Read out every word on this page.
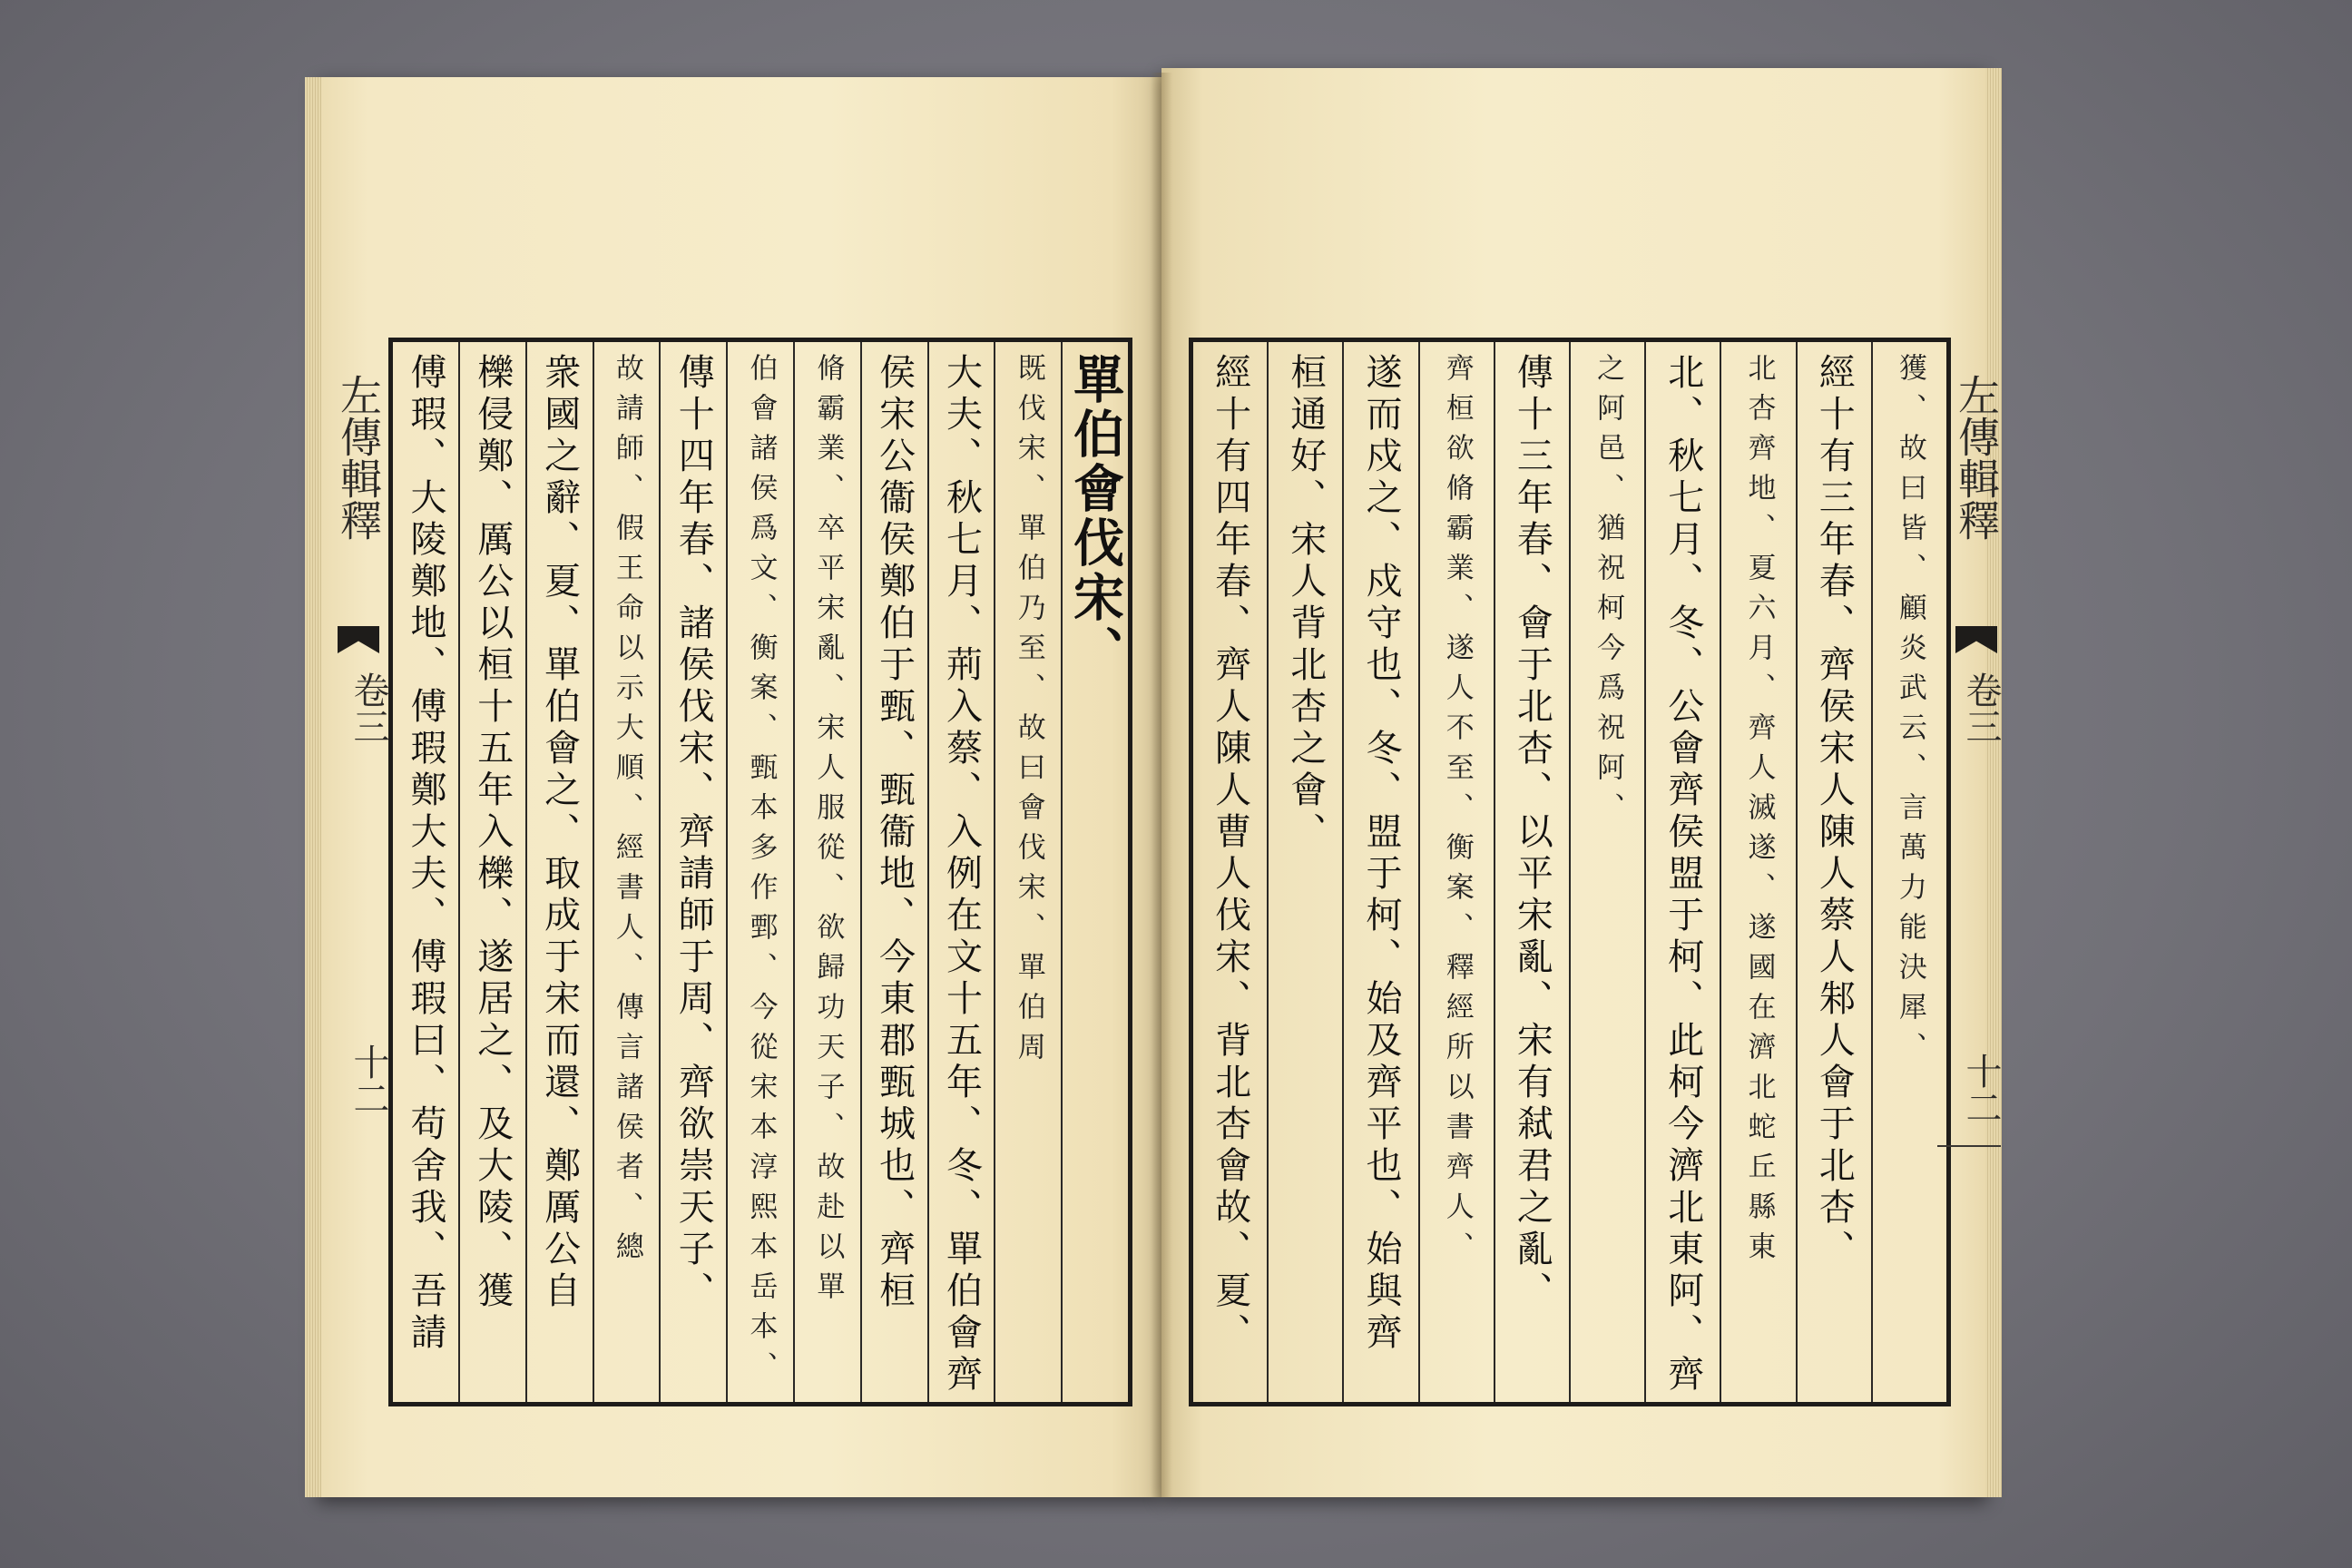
左傳輯釋
卷三
十二
單伯會伐宋、
既伐宋、單伯乃至、故曰會伐宋、單伯周
大夫、秋七月、荊入蔡、入例在文十五年、冬、單伯會齊
侯宋公衞侯鄭伯于甄、甄衞地、今東郡甄城也、齊桓
脩霸業、卒平宋亂、宋人服從、欲歸功天子、故赴以單
伯會諸侯爲文、衡案、甄本多作鄄、今從宋本淳熙本岳本、
傳十四年春、諸侯伐宋、齊請師于周、齊欲崇天子、
故請師、假王命以示大順、經書人、傳言諸侯者、總
衆國之辭、夏、單伯會之、取成于宋而還、鄭厲公自
櫟侵鄭、厲公以桓十五年入櫟、遂居之、及大陵、獲
傅瑕、大陵鄭地、傅瑕鄭大夫、傅瑕曰、苟舍我、吾請	獲、故曰皆、顧炎武云、言萬力能決犀、
經十有三年春、齊侯宋人陳人蔡人邾人會于北杏、
北杏齊地、夏六月、齊人滅遂、遂國在濟北蛇丘縣東
北、秋七月、冬、公會齊侯盟于柯、此柯今濟北東阿、齊
之阿邑、猶祝柯今爲祝阿、
傳十三年春、會于北杏、以平宋亂、宋有弒君之亂、
齊桓欲脩霸業、遂人不至、衡案、釋經所以書齊人、
遂而戍之、戍守也、冬、盟于柯、始及齊平也、始與齊
桓通好、宋人背北杏之會、
經十有四年春、齊人陳人曹人伐宋、背北杏會故、夏、	左傳輯釋
卷三
十二
